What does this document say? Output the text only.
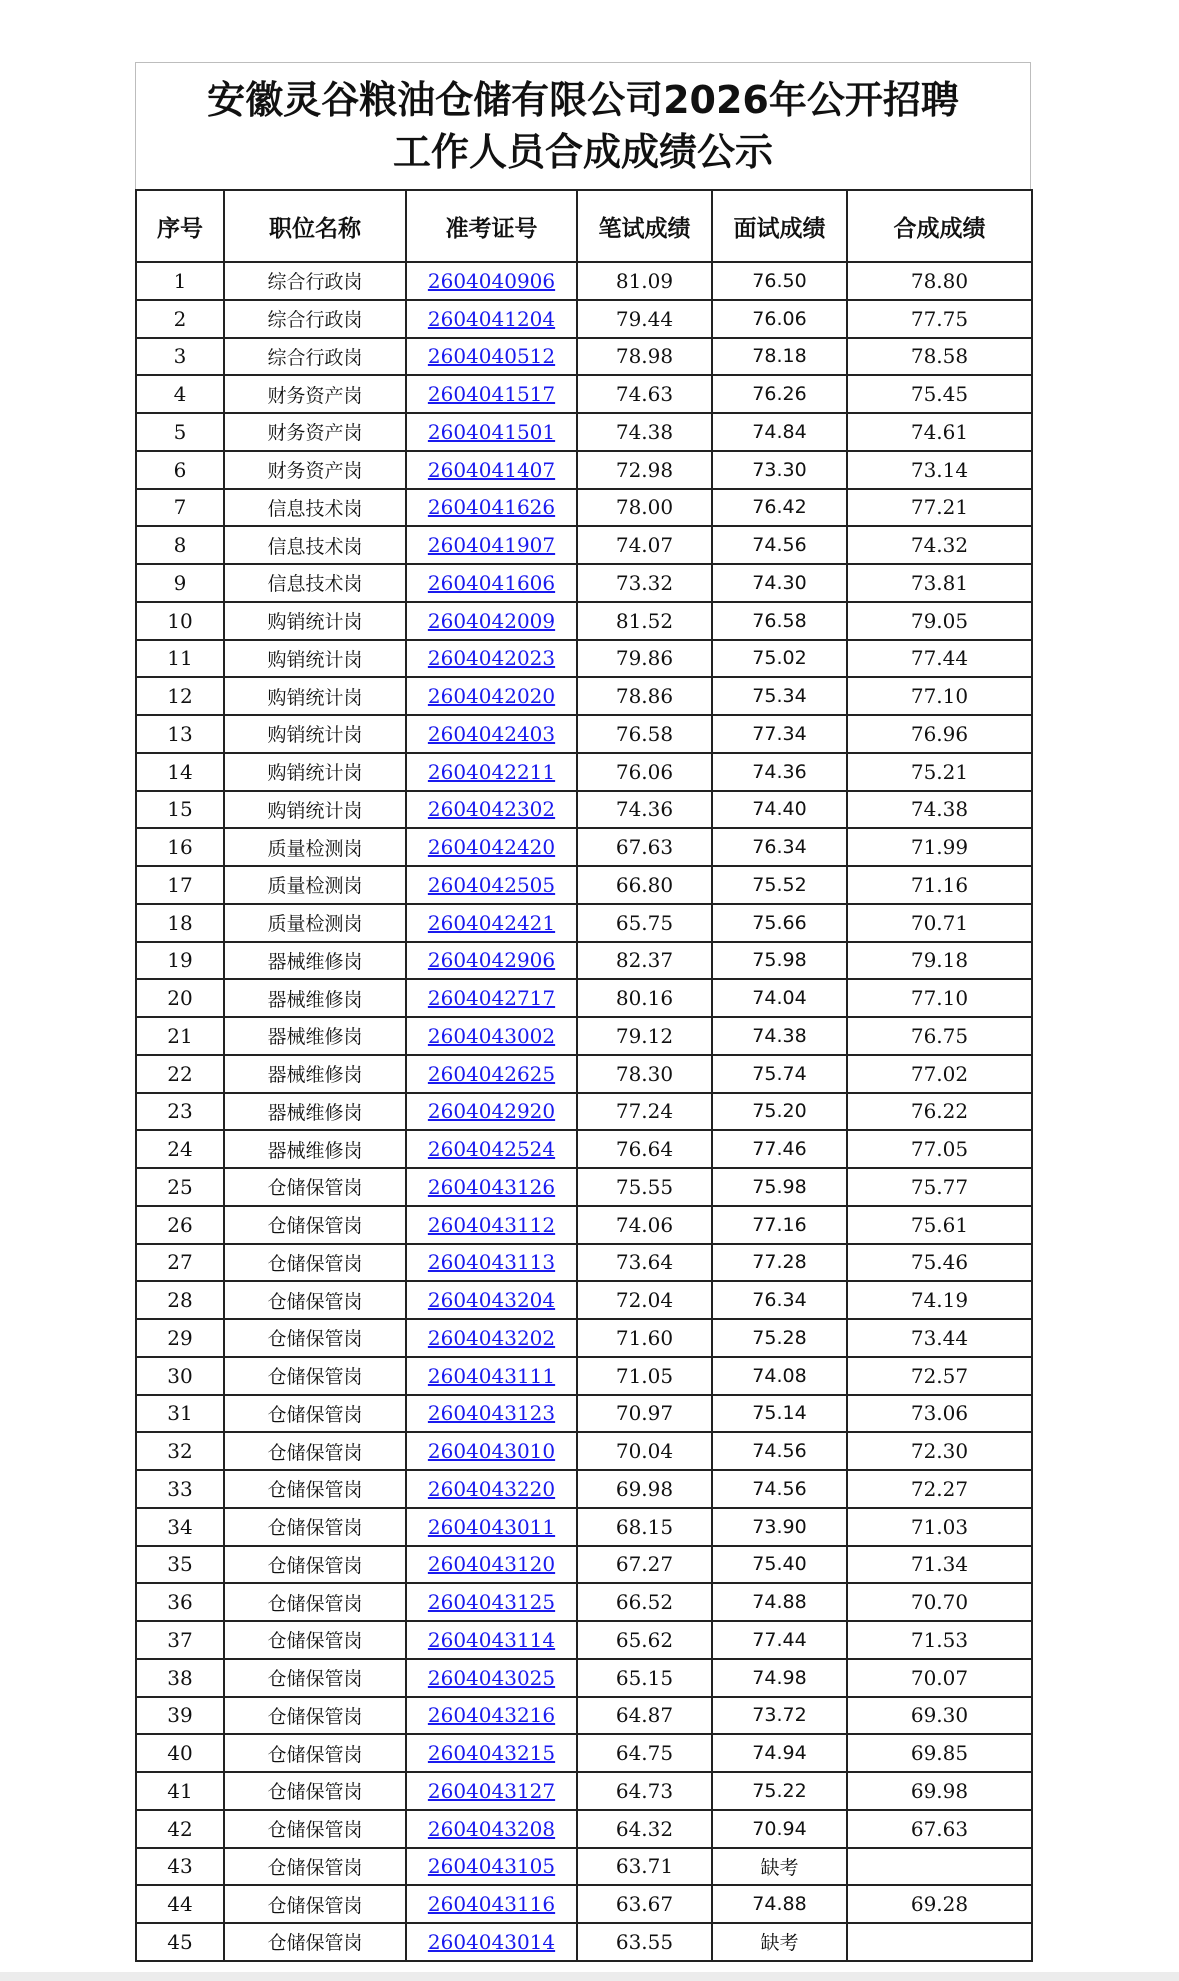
安徽灵谷粮油仓储有限公司2026年公开招聘
工作人员合成成绩公示
序号	职位名称	准考证号	笔试成绩	面试成绩	合成成绩
1	综合行政岗	2604040906	81.09	76.50	78.80
2	综合行政岗	2604041204	79.44	76.06	77.75
3	综合行政岗	2604040512	78.98	78.18	78.58
4	财务资产岗	2604041517	74.63	76.26	75.45
5	财务资产岗	2604041501	74.38	74.84	74.61
6	财务资产岗	2604041407	72.98	73.30	73.14
7	信息技术岗	2604041626	78.00	76.42	77.21
8	信息技术岗	2604041907	74.07	74.56	74.32
9	信息技术岗	2604041606	73.32	74.30	73.81
10	购销统计岗	2604042009	81.52	76.58	79.05
11	购销统计岗	2604042023	79.86	75.02	77.44
12	购销统计岗	2604042020	78.86	75.34	77.10
13	购销统计岗	2604042403	76.58	77.34	76.96
14	购销统计岗	2604042211	76.06	74.36	75.21
15	购销统计岗	2604042302	74.36	74.40	74.38
16	质量检测岗	2604042420	67.63	76.34	71.99
17	质量检测岗	2604042505	66.80	75.52	71.16
18	质量检测岗	2604042421	65.75	75.66	70.71
19	器械维修岗	2604042906	82.37	75.98	79.18
20	器械维修岗	2604042717	80.16	74.04	77.10
21	器械维修岗	2604043002	79.12	74.38	76.75
22	器械维修岗	2604042625	78.30	75.74	77.02
23	器械维修岗	2604042920	77.24	75.20	76.22
24	器械维修岗	2604042524	76.64	77.46	77.05
25	仓储保管岗	2604043126	75.55	75.98	75.77
26	仓储保管岗	2604043112	74.06	77.16	75.61
27	仓储保管岗	2604043113	73.64	77.28	75.46
28	仓储保管岗	2604043204	72.04	76.34	74.19
29	仓储保管岗	2604043202	71.60	75.28	73.44
30	仓储保管岗	2604043111	71.05	74.08	72.57
31	仓储保管岗	2604043123	70.97	75.14	73.06
32	仓储保管岗	2604043010	70.04	74.56	72.30
33	仓储保管岗	2604043220	69.98	74.56	72.27
34	仓储保管岗	2604043011	68.15	73.90	71.03
35	仓储保管岗	2604043120	67.27	75.40	71.34
36	仓储保管岗	2604043125	66.52	74.88	70.70
37	仓储保管岗	2604043114	65.62	77.44	71.53
38	仓储保管岗	2604043025	65.15	74.98	70.07
39	仓储保管岗	2604043216	64.87	73.72	69.30
40	仓储保管岗	2604043215	64.75	74.94	69.85
41	仓储保管岗	2604043127	64.73	75.22	69.98
42	仓储保管岗	2604043208	64.32	70.94	67.63
43	仓储保管岗	2604043105	63.71	缺考	
44	仓储保管岗	2604043116	63.67	74.88	69.28
45	仓储保管岗	2604043014	63.55	缺考	
